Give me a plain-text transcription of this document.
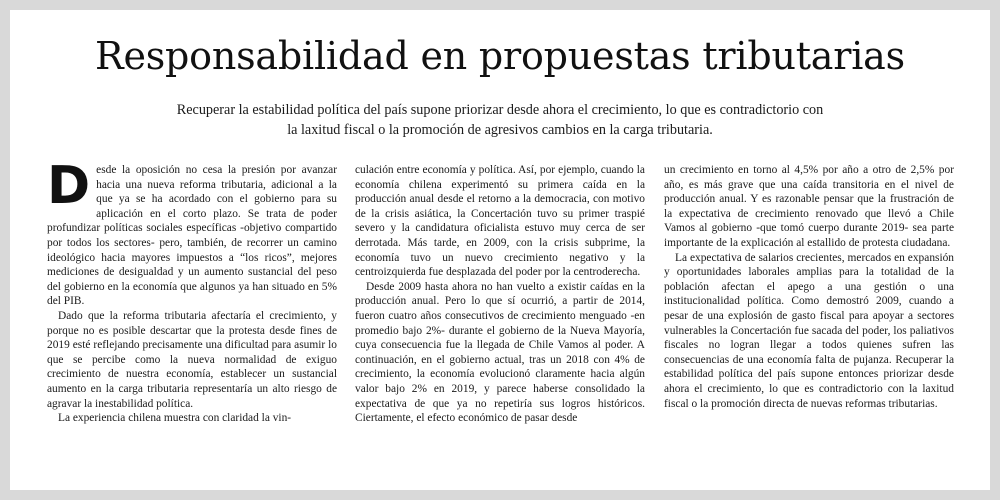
Responsabilidad en propuestas tributarias

Recuperar la estabilidad política del país supone priorizar desde ahora el crecimiento, lo que es contradictorio con la laxitud fiscal o la promoción de agresivos cambios en la carga tributaria.

Desde la oposición no cesa la presión por avanzar hacia una nueva reforma tributaria, adicional a la que ya se ha acordado con el gobierno para su aplicación en el corto plazo. Se trata de poder profundizar políticas sociales específicas -objetivo compartido por todos los sectores- pero, también, de recorrer un camino ideológico hacia mayores impuestos a “los ricos”, mejores mediciones de desigualdad y un aumento sustancial del peso del gobierno en la economía que algunos ya han situado en 5% del PIB.

Dado que la reforma tributaria afectaría el crecimiento, y porque no es posible descartar que la protesta desde fines de 2019 esté reflejando precisamente una dificultad para asumir lo que se percibe como la nueva normalidad de exiguo crecimiento de nuestra economía, establecer un sustancial aumento en la carga tributaria representaría un alto riesgo de agravar la inestabilidad política.

La experiencia chilena muestra con claridad la vin-

culación entre economía y política. Así, por ejemplo, cuando la economía chilena experimentó su primera caída en la producción anual desde el retorno a la democracia, con motivo de la crisis asiática, la Concertación tuvo su primer traspié severo y la candidatura oficialista estuvo muy cerca de ser derrotada. Más tarde, en 2009, con la crisis subprime, la economía tuvo un nuevo crecimiento negativo y la centroizquierda fue desplazada del poder por la centroderecha.

Desde 2009 hasta ahora no han vuelto a existir caídas en la producción anual. Pero lo que sí ocurrió, a partir de 2014, fueron cuatro años consecutivos de crecimiento menguado -en promedio bajo 2%- durante el gobierno de la Nueva Mayoría, cuya consecuencia fue la llegada de Chile Vamos al poder. A continuación, en el gobierno actual, tras un 2018 con 4% de crecimiento, la economía evolucionó claramente hacia algún valor bajo 2% en 2019, y parece haberse consolidado la expectativa de que ya no repetiría sus logros históricos. Ciertamente, el efecto económico de pasar desde

un crecimiento en torno al 4,5% por año a otro de 2,5% por año, es más grave que una caída transitoria en el nivel de producción anual. Y es razonable pensar que la frustración de la expectativa de crecimiento renovado que llevó a Chile Vamos al gobierno -que tomó cuerpo durante 2019- sea parte importante de la explicación al estallido de protesta ciudadana.

La expectativa de salarios crecientes, mercados en expansión y oportunidades laborales amplias para la totalidad de la población afectan el apego a una gestión o una institucionalidad política. Como demostró 2009, cuando a pesar de una explosión de gasto fiscal para apoyar a sectores vulnerables la Concertación fue sacada del poder, los paliativos fiscales no logran llegar a todos quienes sufren las consecuencias de una economía falta de pujanza. Recuperar la estabilidad política del país supone entonces priorizar desde ahora el crecimiento, lo que es contradictorio con la laxitud fiscal o la promoción directa de nuevas reformas tributarias.
